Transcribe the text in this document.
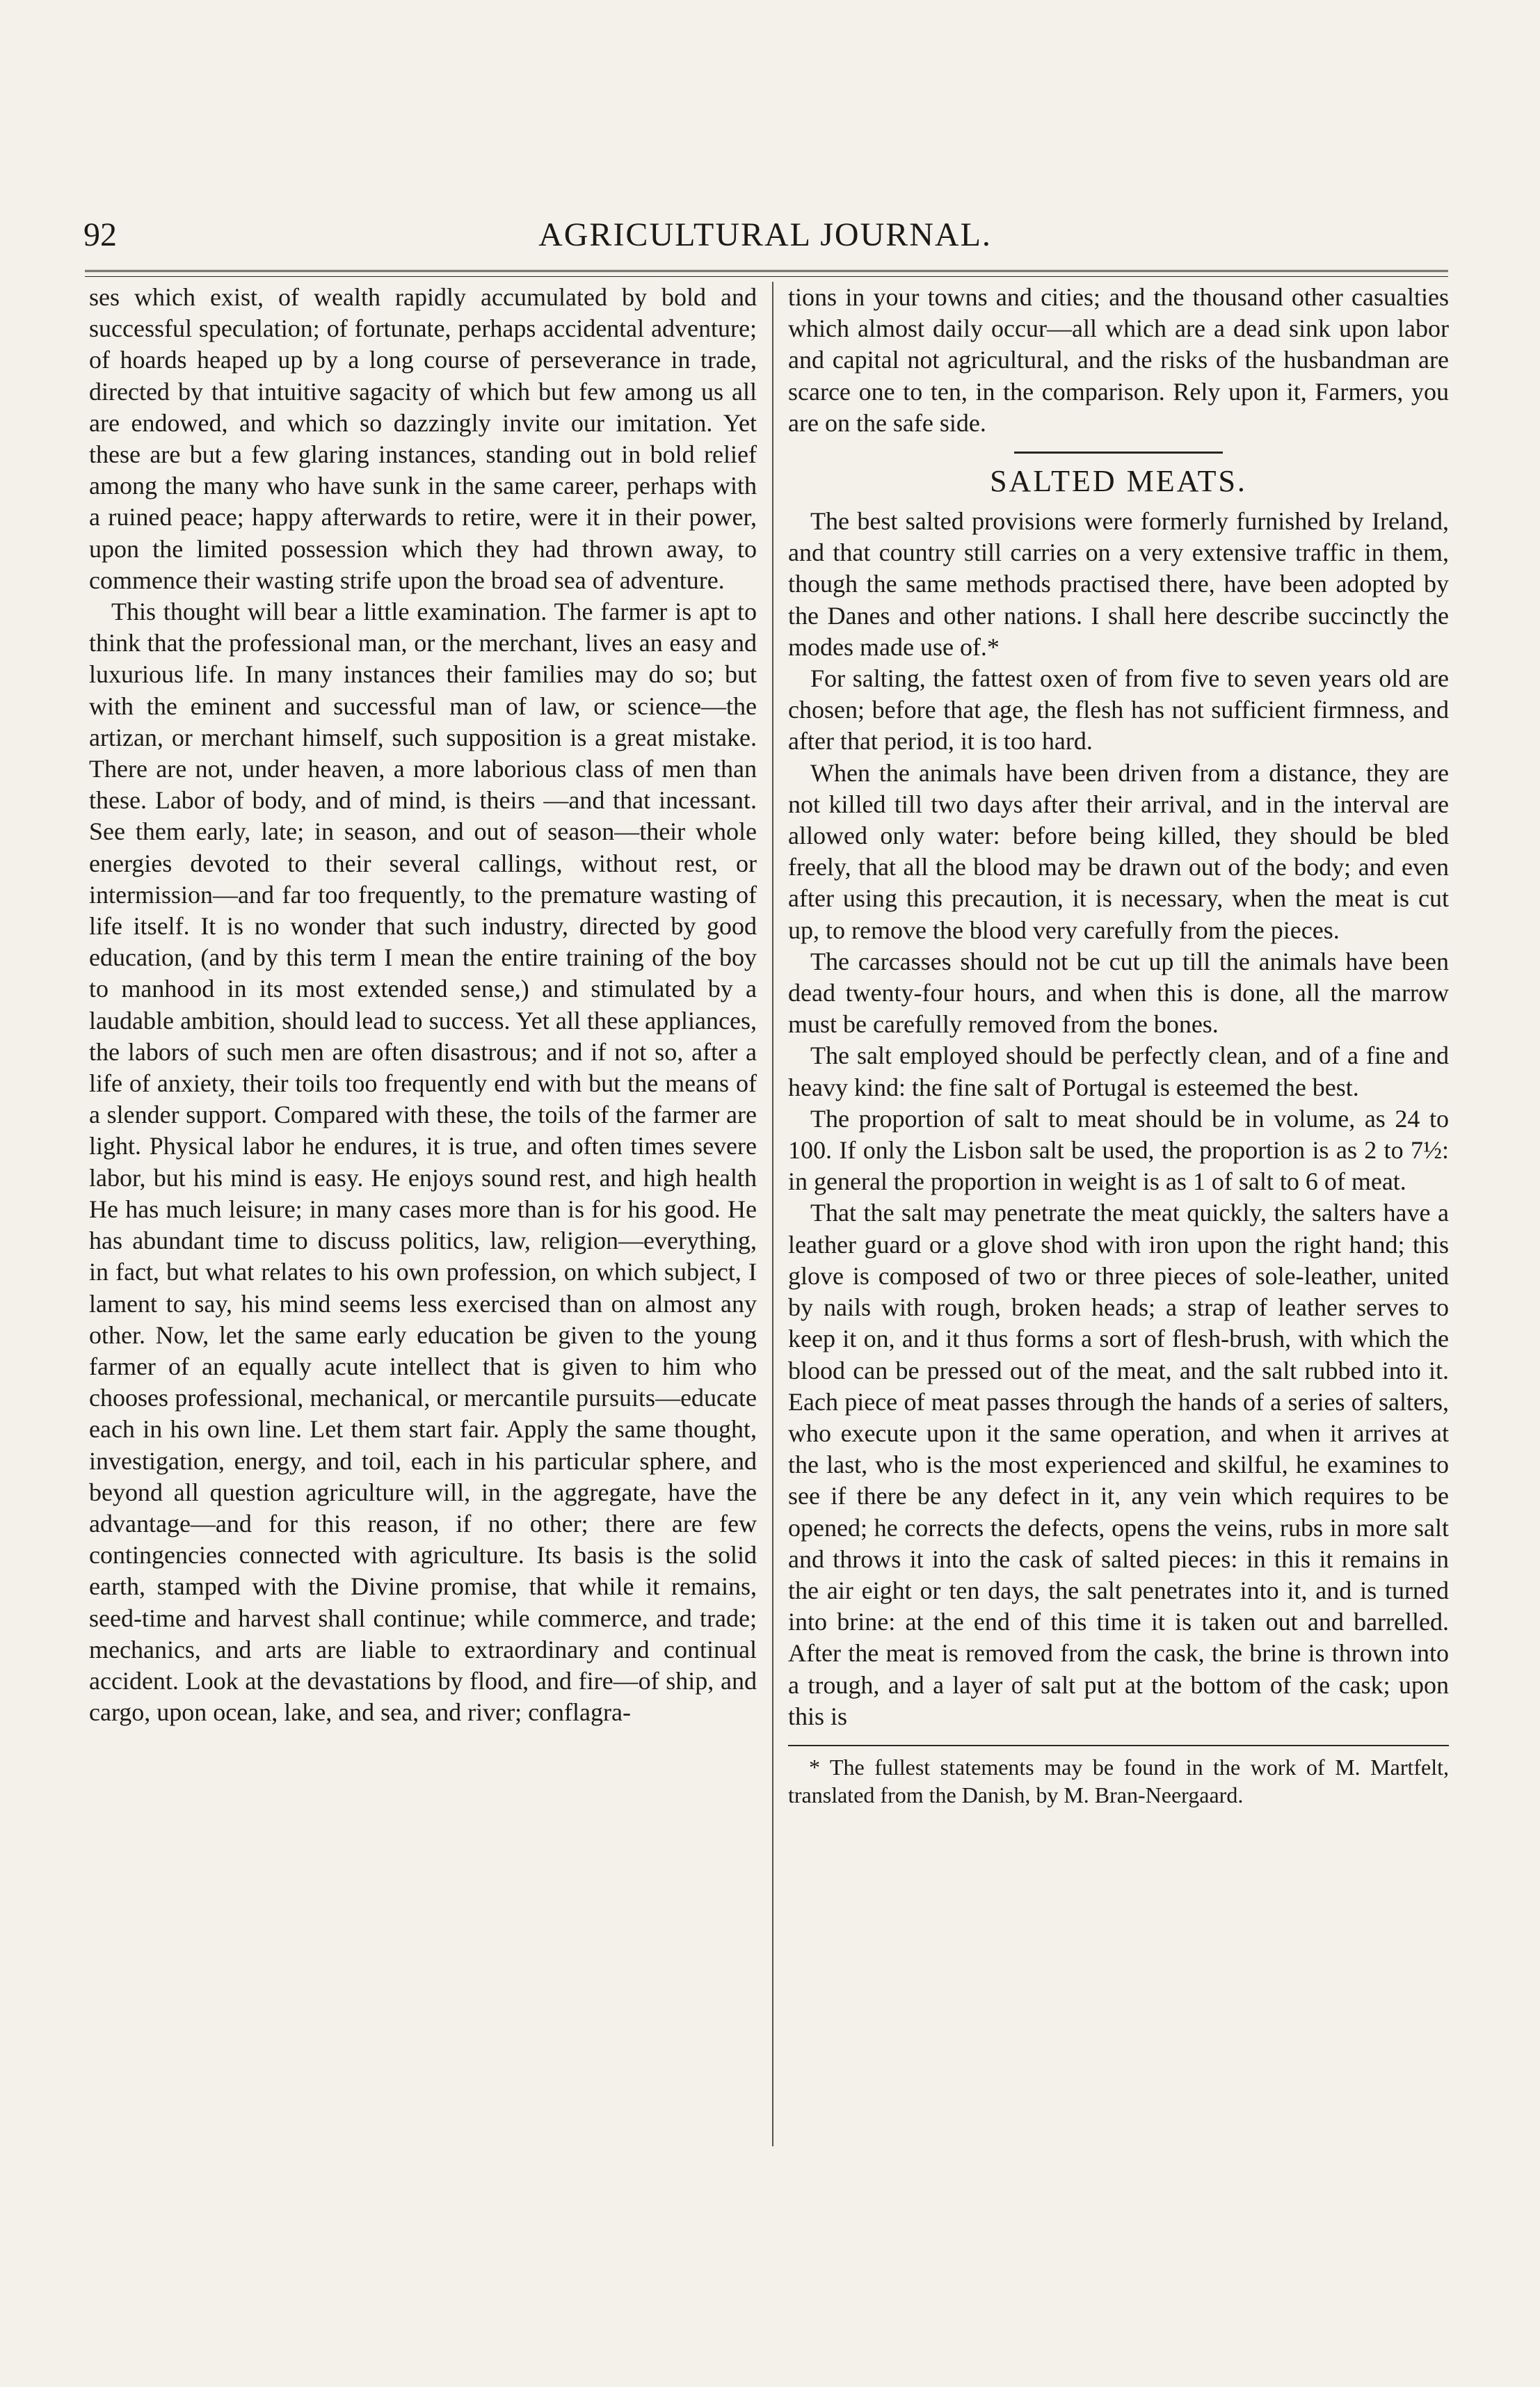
92	AGRICULTURAL JOURNAL.

ses which exist, of wealth rapidly accumulated by bold and successful speculation; of fortunate, perhaps accidental adventure; of hoards heaped up by a long course of perseverance in trade, directed by that intuitive sagacity of which but few among us all are endowed, and which so dazzingly invite our imitation. Yet these are but a few glaring instances, standing out in bold relief among the many who have sunk in the same career, perhaps with a ruined peace; happy afterwards to retire, were it in their power, upon the limited possession which they had thrown away, to commence their wasting strife upon the broad sea of adventure.

This thought will bear a little examination. The farmer is apt to think that the professional man, or the merchant, lives an easy and luxurious life. In many instances their families may do so; but with the eminent and successful man of law, or science—the artizan, or merchant himself, such supposition is a great mistake. There are not, under heaven, a more laborious class of men than these. Labor of body, and of mind, is theirs —and that incessant. See them early, late; in season, and out of season—their whole energies devoted to their several callings, without rest, or intermission—and far too frequently, to the premature wasting of life itself. It is no wonder that such industry, directed by good education, (and by this term I mean the entire training of the boy to manhood in its most extended sense,) and stimulated by a laudable ambition, should lead to success. Yet all these appliances, the labors of such men are often disastrous; and if not so, after a life of anxiety, their toils too frequently end with but the means of a slender support. Compared with these, the toils of the farmer are light. Physical labor he endures, it is true, and often times severe labor, but his mind is easy. He enjoys sound rest, and high health He has much leisure; in many cases more than is for his good. He has abundant time to discuss politics, law, religion—everything, in fact, but what relates to his own profession, on which subject, I lament to say, his mind seems less exercised than on almost any other. Now, let the same early education be given to the young farmer of an equally acute intellect that is given to him who chooses professional, mechanical, or mercantile pursuits—educate each in his own line. Let them start fair. Apply the same thought, investigation, energy, and toil, each in his particular sphere, and beyond all question agriculture will, in the aggregate, have the advantage—and for this reason, if no other; there are few contingencies connected with agriculture. Its basis is the solid earth, stamped with the Divine promise, that while it remains, seed-time and harvest shall continue; while commerce, and trade; mechanics, and arts are liable to extraordinary and continual accident. Look at the devastations by flood, and fire—of ship, and cargo, upon ocean, lake, and sea, and river; conflagra-

tions in your towns and cities; and the thousand other casualties which almost daily occur—all which are a dead sink upon labor and capital not agricultural, and the risks of the husbandman are scarce one to ten, in the comparison. Rely upon it, Farmers, you are on the safe side.

SALTED MEATS.

The best salted provisions were formerly furnished by Ireland, and that country still carries on a very extensive traffic in them, though the same methods practised there, have been adopted by the Danes and other nations. I shall here describe succinctly the modes made use of.*

For salting, the fattest oxen of from five to seven years old are chosen; before that age, the flesh has not sufficient firmness, and after that period, it is too hard.

When the animals have been driven from a distance, they are not killed till two days after their arrival, and in the interval are allowed only water: before being killed, they should be bled freely, that all the blood may be drawn out of the body; and even after using this precaution, it is necessary, when the meat is cut up, to remove the blood very carefully from the pieces.

The carcasses should not be cut up till the animals have been dead twenty-four hours, and when this is done, all the marrow must be carefully removed from the bones.

The salt employed should be perfectly clean, and of a fine and heavy kind: the fine salt of Portugal is esteemed the best.

The proportion of salt to meat should be in volume, as 24 to 100. If only the Lisbon salt be used, the proportion is as 2 to 7½: in general the proportion in weight is as 1 of salt to 6 of meat.

That the salt may penetrate the meat quickly, the salters have a leather guard or a glove shod with iron upon the right hand; this glove is composed of two or three pieces of sole-leather, united by nails with rough, broken heads; a strap of leather serves to keep it on, and it thus forms a sort of flesh-brush, with which the blood can be pressed out of the meat, and the salt rubbed into it. Each piece of meat passes through the hands of a series of salters, who execute upon it the same operation, and when it arrives at the last, who is the most experienced and skilful, he examines to see if there be any defect in it, any vein which requires to be opened; he corrects the defects, opens the veins, rubs in more salt and throws it into the cask of salted pieces: in this it remains in the air eight or ten days, the salt penetrates into it, and is turned into brine: at the end of this time it is taken out and barrelled. After the meat is removed from the cask, the brine is thrown into a trough, and a layer of salt put at the bottom of the cask; upon this is

* The fullest statements may be found in the work of M. Martfelt, translated from the Danish, by M. Bran-Neergaard.
